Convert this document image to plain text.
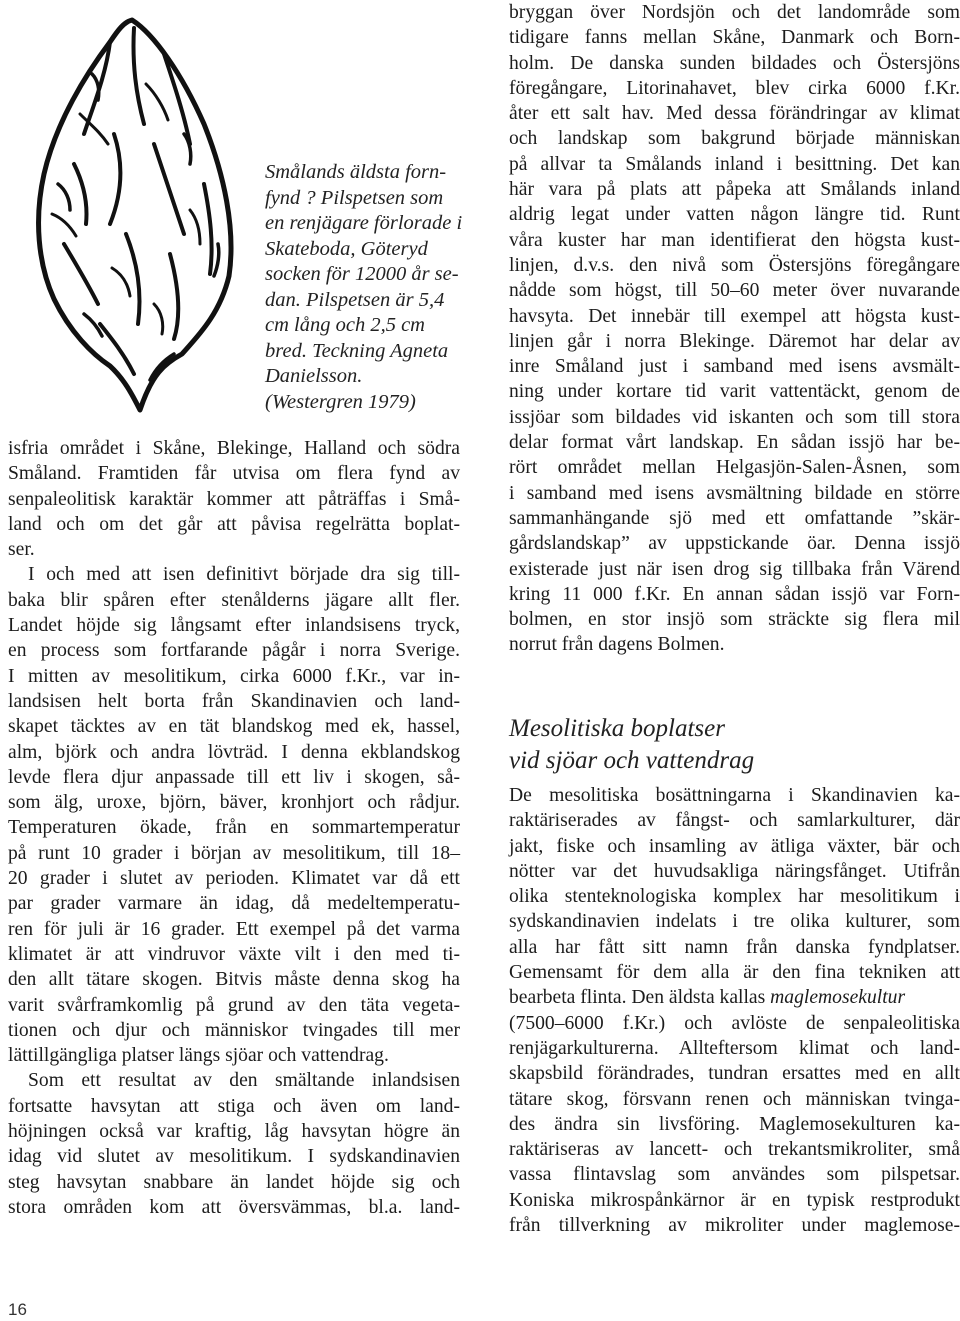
Smålands äldsta forn-
fynd ? Pilspetsen som
en renjägare förlorade i
Skateboda, Göteryd
socken för 12000 år se-
dan. Pilspetsen är 5,4
cm lång och 2,5 cm
bred. Teckning Agneta
Danielsson.
(Westergren 1979)
isfria området i Skåne, Blekinge, Halland och södra
Småland. Framtiden får utvisa om flera fynd av
senpaleolitisk karaktär kommer att påträffas i Små-
land och om det går att påvisa regelrätta boplat-
ser.
I och med att isen definitivt började dra sig till-
baka blir spåren efter stenålderns jägare allt fler.
Landet höjde sig långsamt efter inlandsisens tryck,
en process som fortfarande pågår i norra Sverige.
I mitten av mesolitikum, cirka 6000 f.Kr., var in-
landsisen helt borta från Skandinavien och land-
skapet täcktes av en tät blandskog med ek, hassel,
alm, björk och andra lövträd. I denna ekblandskog
levde flera djur anpassade till ett liv i skogen, så-
som älg, uroxe, björn, bäver, kronhjort och rådjur.
Temperaturen ökade, från en sommartemperatur
på runt 10 grader i början av mesolitikum, till 18–
20 grader i slutet av perioden. Klimatet var då ett
par grader varmare än idag, då medeltemperatu-
ren för juli är 16 grader. Ett exempel på det varma
klimatet är att vindruvor växte vilt i den med ti-
den allt tätare skogen. Bitvis måste denna skog ha
varit svårframkomlig på grund av den täta vegeta-
tionen och djur och människor tvingades till mer
lättillgängliga platser längs sjöar och vattendrag.
Som ett resultat av den smältande inlandsisen
fortsatte havsytan att stiga och även om land-
höjningen också var kraftig, låg havsytan högre än
idag vid slutet av mesolitikum. I sydskandinavien
steg havsytan snabbare än landet höjde sig och
stora områden kom att översvämmas, bl.a. land-
bryggan över Nordsjön och det landområde som
tidigare fanns mellan Skåne, Danmark och Born-
holm. De danska sunden bildades och Östersjöns
föregångare, Litorinahavet, blev cirka 6000 f.Kr.
åter ett salt hav. Med dessa förändringar av klimat
och landskap som bakgrund började människan
på allvar ta Smålands inland i besittning. Det kan
här vara på plats att påpeka att Smålands inland
aldrig legat under vatten någon längre tid. Runt
våra kuster har man identifierat den högsta kust-
linjen, d.v.s. den nivå som Östersjöns föregångare
nådde som högst, till 50–60 meter över nuvarande
havsyta. Det innebär till exempel att högsta kust-
linjen går i norra Blekinge. Däremot har delar av
inre Småland just i samband med isens avsmält-
ning under kortare tid varit vattentäckt, genom de
issjöar som bildades vid iskanten och som till stora
delar format vårt landskap. En sådan issjö har be-
rört området mellan Helgasjön-Salen-Åsnen, som
i samband med isens avsmältning bildade en större
sammanhängande sjö med ett omfattande ”skär-
gårdslandskap” av uppstickande öar. Denna issjö
existerade just när isen drog sig tillbaka från Värend
kring 11 000 f.Kr. En annan sådan issjö var Forn-
bolmen, en stor insjö som sträckte sig flera mil
norrut från dagens Bolmen.
Mesolitiska boplatser
vid sjöar och vattendrag
De mesolitiska bosättningarna i Skandinavien ka-
raktäriserades av fångst- och samlarkulturer, där
jakt, fiske och insamling av ätliga växter, bär och
nötter var det huvudsakliga näringsfånget. Utifrån
olika stenteknologiska komplex har mesolitikum i
sydskandinavien indelats i tre olika kulturer, som
alla har fått sitt namn från danska fyndplatser.
Gemensamt för dem alla är den fina tekniken att
bearbeta flinta. Den äldsta kallas maglemosekultur
(7500–6000 f.Kr.) och avlöste de senpaleolitiska
renjägarkulturerna. Allteftersom klimat och land-
skapsbild förändrades, tundran ersattes med en allt
tätare skog, försvann renen och människan tvinga-
des ändra sin livsföring. Maglemosekulturen ka-
raktäriseras av lancett- och trekantsmikroliter, små
vassa flintavslag som användes som pilspetsar.
Koniska mikrospånkärnor är en typisk restprodukt
från tillverkning av mikroliter under maglemose-
16
